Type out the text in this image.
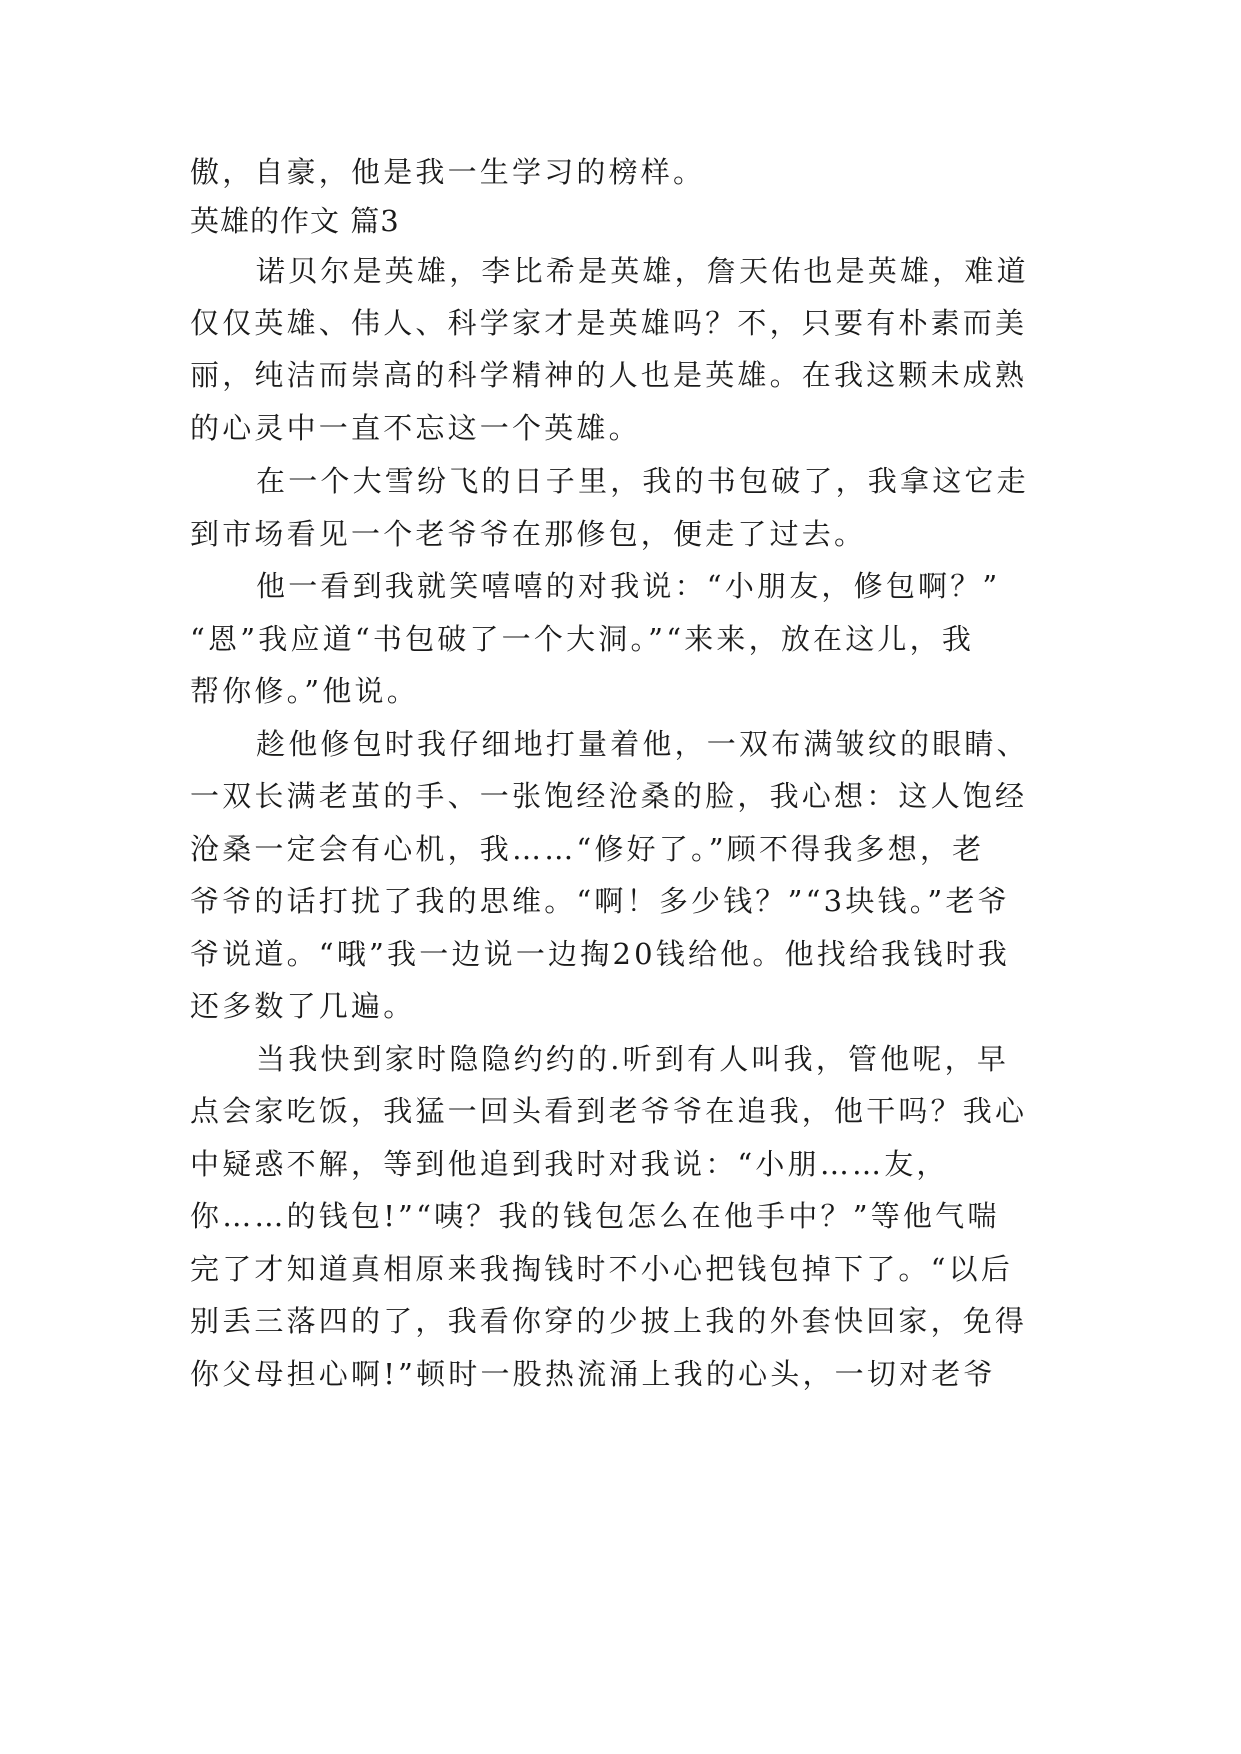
傲，自豪，他是我一生学习的榜样。
英雄的作文 篇3
诺贝尔是英雄，李比希是英雄，詹天佑也是英雄，难道
仅仅英雄、伟人、科学家才是英雄吗？不，只要有朴素而美
丽，纯洁而崇高的科学精神的人也是英雄。在我这颗未成熟
的心灵中一直不忘这一个英雄。
在一个大雪纷飞的日子里，我的书包破了，我拿这它走
到市场看见一个老爷爷在那修包，便走了过去。
他一看到我就笑嘻嘻的对我说：“小朋友，修包啊？”
“恩”我应道“书包破了一个大洞。”“来来，放在这儿，我
帮你修。”他说。
趁他修包时我仔细地打量着他，一双布满皱纹的眼睛、
一双长满老茧的手、一张饱经沧桑的脸，我心想：这人饱经
沧桑一定会有心机，我……“修好了。”顾不得我多想，老
爷爷的话打扰了我的思维。“啊！多少钱？”“3块钱。”老爷
爷说道。“哦”我一边说一边掏20钱给他。他找给我钱时我
还多数了几遍。
当我快到家时隐隐约约的.听到有人叫我，管他呢，早
点会家吃饭，我猛一回头看到老爷爷在追我，他干吗？我心
中疑惑不解，等到他追到我时对我说：“小朋……友，
你……的钱包!”“咦？我的钱包怎么在他手中？”等他气喘
完了才知道真相原来我掏钱时不小心把钱包掉下了。“以后
别丢三落四的了，我看你穿的少披上我的外套快回家，免得
你父母担心啊!”顿时一股热流涌上我的心头，一切对老爷
